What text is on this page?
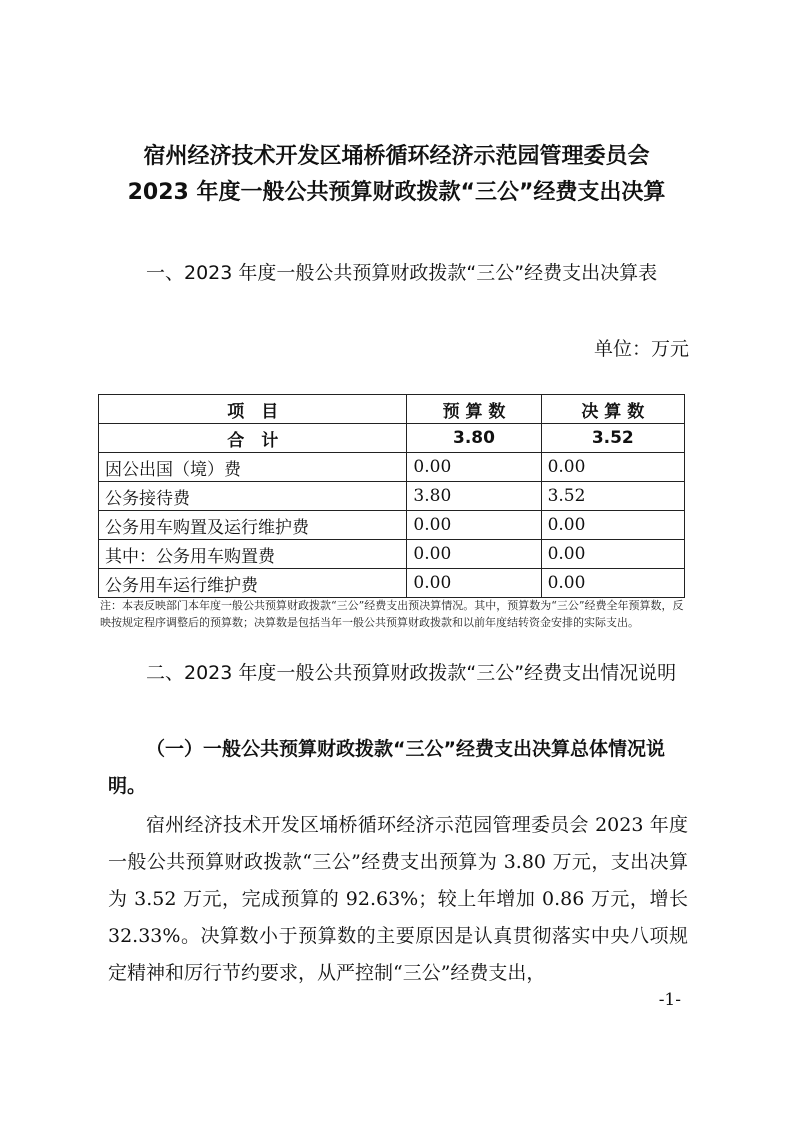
宿州经济技术开发区埇桥循环经济示范园管理委员会
2023 年度一般公共预算财政拨款“三公”经费支出决算
一、2023 年度一般公共预算财政拨款“三公”经费支出决算表
单位：万元
项　目	预 算 数	决 算 数
合　计	3.80	3.52
因公出国（境）费	0.00	0.00
公务接待费	3.80	3.52
公务用车购置及运行维护费	0.00	0.00
其中：公务用车购置费	0.00	0.00
公务用车运行维护费	0.00	0.00
注：本表反映部门本年度一般公共预算财政拨款“三公”经费支出预决算情况。其中，预算数为“三公”经费全年预算数，反映按规定程序调整后的预算数；决算数是包括当年一般公共预算财政拨款和以前年度结转资金安排的实际支出。
二、2023 年度一般公共预算财政拨款“三公”经费支出情况说明
（一）一般公共预算财政拨款“三公”经费支出决算总体情况说明。
宿州经济技术开发区埇桥循环经济示范园管理委员会 2023 年度一般公共预算财政拨款“三公”经费支出预算为 3.80 万元，支出决算为 3.52 万元，完成预算的 92.63%；较上年增加 0.86 万元，增长 32.33%。决算数小于预算数的主要原因是认真贯彻落实中央八项规定精神和厉行节约要求，从严控制“三公”经费支出，
-1-
